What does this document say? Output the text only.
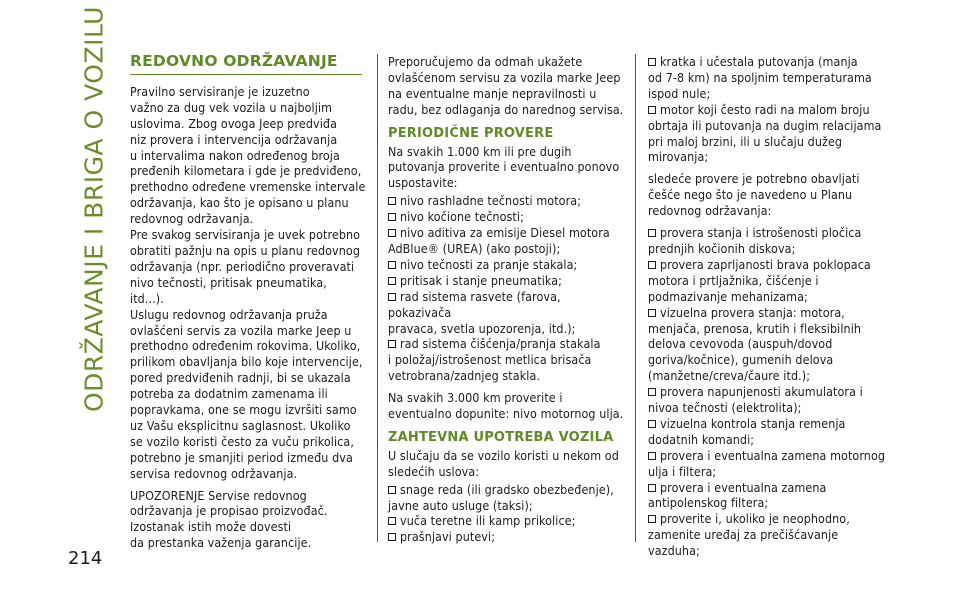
ODRŽAVANJE I BRIGA O VOZILU
214
REDOVNO ODRŽAVANJE

Pravilno servisiranje je izuzetno
važno za dug vek vozila u najboljim
uslovima. Zbog ovoga Jeep predviđa
niz provera i intervencija održavanja
u intervalima nakon određenog broja
pređenih kilometara i gde je predviđeno,
prethodno određene vremenske intervale
održavanja, kao što je opisano u planu
redovnog održavanja.
Pre svakog servisiranja je uvek potrebno
obratiti pažnju na opis u planu redovnog
održavanja (npr. periodično proveravati
nivo tečnosti, pritisak pneumatika,
itd...).
Uslugu redovnog održavanja pruža
ovlašćeni servis za vozila marke Jeep u
prethodno određenim rokovima. Ukoliko,
prilikom obavljanja bilo koje intervencije,
pored predviđenih radnji, bi se ukazala
potreba za dodatnim zamenama ili
popravkama, one se mogu izvršiti samo
uz Vašu eksplicitnu saglasnost. Ukoliko
se vozilo koristi često za vuču prikolica,
potrebno je smanjiti period između dva
servisa redovnog održavanja.

UPOZORENJE Servise redovnog
održavanja je propisao proizvođač.
Izostanak istih može dovesti
da prestanka važenja garancije.

Preporučujemo da odmah ukažete
ovlašćenom servisu za vozila marke Jeep
na eventualne manje nepravilnosti u
radu, bez odlaganja do narednog servisa.

PERIODIČNE PROVERE

Na svakih 1.000 km ili pre dugih
putovanja proverite i eventualno ponovo
uspostavite:

nivo rashladne tečnosti motora;
nivo kočione tečnosti;
nivo aditiva za emisije Diesel motora
AdBlue® (UREA) (ako postoji);
nivo tečnosti za pranje stakala;
pritisak i stanje pneumatika;
rad sistema rasvete (farova, pokazivača
pravaca, svetla upozorenja, itd.);
rad sistema čišćenja/pranja stakala
i položaj/istrošenost metlica brisača
vetrobrana/zadnjeg stakla.

Na svakih 3.000 km proverite i
eventualno dopunite: nivo motornog ulja.

ZAHTEVNA UPOTREBA VOZILA

U slučaju da se vozilo koristi u nekom od
sledećih uslova:

snage reda (ili gradsko obezbeđenje),
javne auto usluge (taksi);
vuča teretne ili kamp prikolice;
prašnjavi putevi;
kratka i učestala putovanja (manja
od 7-8 km) na spoljnim temperaturama
ispod nule;
motor koji često radi na malom broju
obrtaja ili putovanja na dugim relacijama
pri maloj brzini, ili u slučaju dužeg
mirovanja;

sledeće provere je potrebno obavljati
češće nego što je navedeno u Planu
redovnog održavanja:

provera stanja i istrošenosti pločica
prednjih kočionih diskova;
provera zaprljanosti brava poklopaca
motora i prtljažnika, čišćenje i
podmazivanje mehanizama;
vizuelna provera stanja: motora,
menjača, prenosa, krutih i fleksibilnih
delova cevovoda (auspuh/dovod
goriva/kočnice), gumenih delova
(manžetne/creva/čaure itd.);
provera napunjenosti akumulatora i
nivoa tečnosti (elektrolita);
vizuelna kontrola stanja remenja
dodatnih komandi;
provera i eventualna zamena motornog
ulja i filtera;
provera i eventualna zamena
antipolenskog filtera;
proverite i, ukoliko je neophodno,
zamenite uređaj za prečišćavanje
vazduha;
